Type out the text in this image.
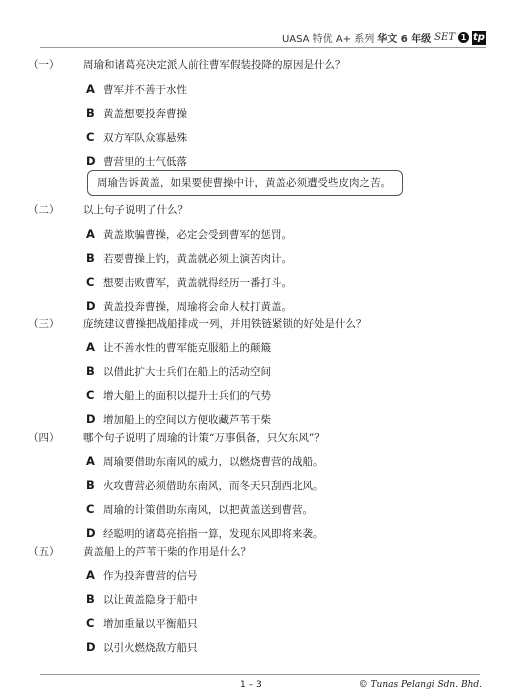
UASA 特优 A+ 系列 华文 6 年级 SET 1 tp
（一） 周瑜和诸葛亮决定派人前往曹军假装投降的原因是什么？
A 曹军并不善于水性
B 黄盖想要投奔曹操
C 双方军队众寡悬殊
D 曹营里的士气低落
周瑜告诉黄盖，如果要使曹操中计，黄盖必须遭受些皮肉之苦。
（二） 以上句子说明了什么？
A 黄盖欺骗曹操，必定会受到曹军的惩罚。
B 若要曹操上钓，黄盖就必须上演苦肉计。
C 想要击败曹军，黄盖就得经历一番打斗。
D 黄盖投奔曹操，周瑜将会命人杖打黄盖。
（三） 庞统建议曹操把战船排成一列，并用铁链紧锁的好处是什么？
A 让不善水性的曹军能克服船上的颠簸
B 以借此扩大士兵们在船上的活动空间
C 增大船上的面积以提升士兵们的气势
D 增加船上的空间以方便收藏芦苇干柴
（四） 哪个句子说明了周瑜的计策“万事俱备，只欠东风”？
A 周瑜要借助东南风的威力，以燃烧曹营的战船。
B 火攻曹营必须借助东南风，而冬天只刮西北风。
C 周瑜的计策借助东南风，以把黄盖送到曹营。
D 经聪明的诸葛亮掐指一算，发现东风即将来袭。
（五） 黄盖船上的芦苇干柴的作用是什么？
A 作为投奔曹营的信号
B 以让黄盖隐身于船中
C 增加重量以平衡船只
D 以引火燃烧敌方船只
1 – 3	© Tunas Pelangi Sdn. Bhd.
